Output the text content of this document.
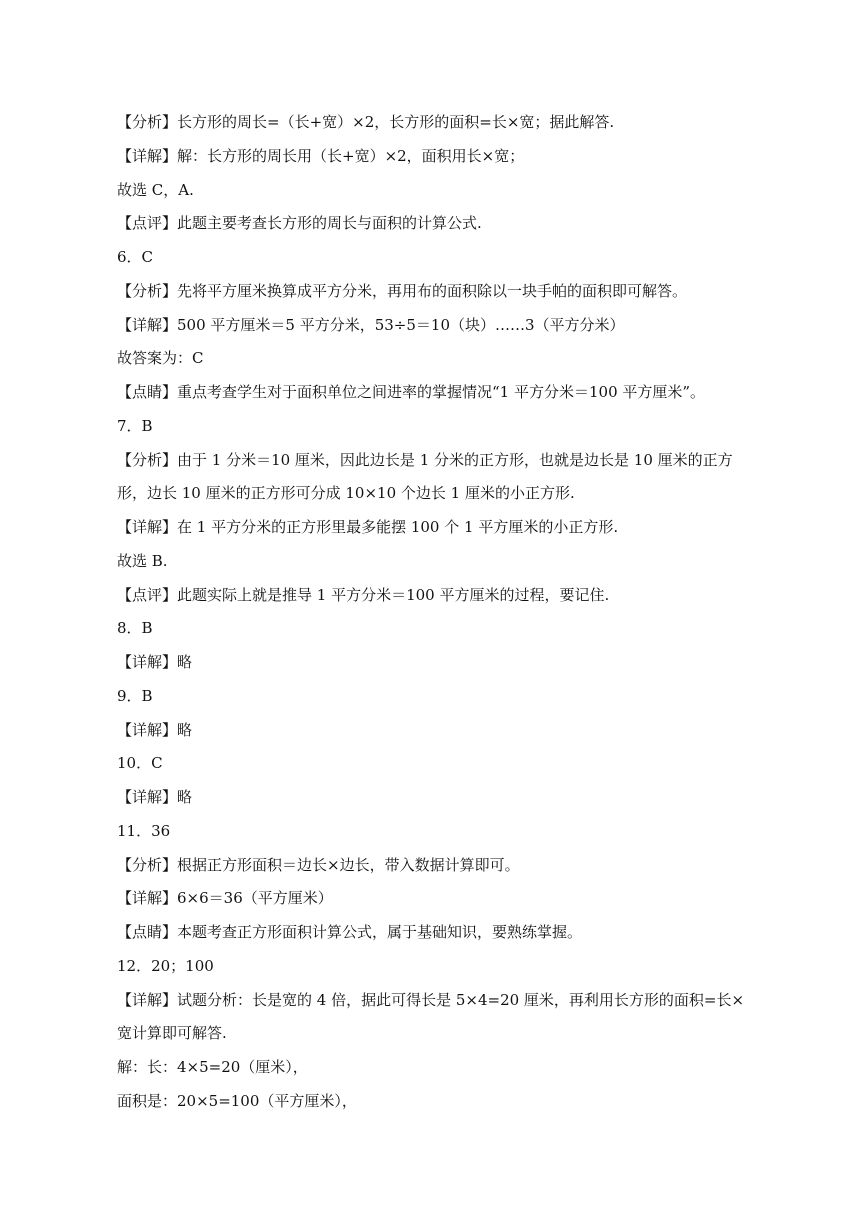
【分析】长方形的周长=（长+宽）×2，长方形的面积=长×宽；据此解答.
【详解】解：长方形的周长用（长+宽）×2，面积用长×宽；
故选 C，A.
【点评】此题主要考查长方形的周长与面积的计算公式.
6．C
【分析】先将平方厘米换算成平方分米，再用布的面积除以一块手帕的面积即可解答。
【详解】500 平方厘米＝5 平方分米，53÷5＝10（块）……3（平方分米）
故答案为：C
【点睛】重点考查学生对于面积单位之间进率的掌握情况“1 平方分米＝100 平方厘米”。
7．B
【分析】由于 1 分米＝10 厘米，因此边长是 1 分米的正方形，也就是边长是 10 厘米的正方
形，边长 10 厘米的正方形可分成 10×10 个边长 1 厘米的小正方形.
【详解】在 1 平方分米的正方形里最多能摆 100 个 1 平方厘米的小正方形.
故选 B.
【点评】此题实际上就是推导 1 平方分米＝100 平方厘米的过程，要记住.
8．B
【详解】略
9．B
【详解】略
10．C
【详解】略
11．36
【分析】根据正方形面积＝边长×边长，带入数据计算即可。
【详解】6×6＝36（平方厘米）
【点睛】本题考查正方形面积计算公式，属于基础知识，要熟练掌握。
12．20；100
【详解】试题分析：长是宽的 4 倍，据此可得长是 5×4=20 厘米，再利用长方形的面积=长×
宽计算即可解答.
解：长：4×5=20（厘米），
面积是：20×5=100（平方厘米），
